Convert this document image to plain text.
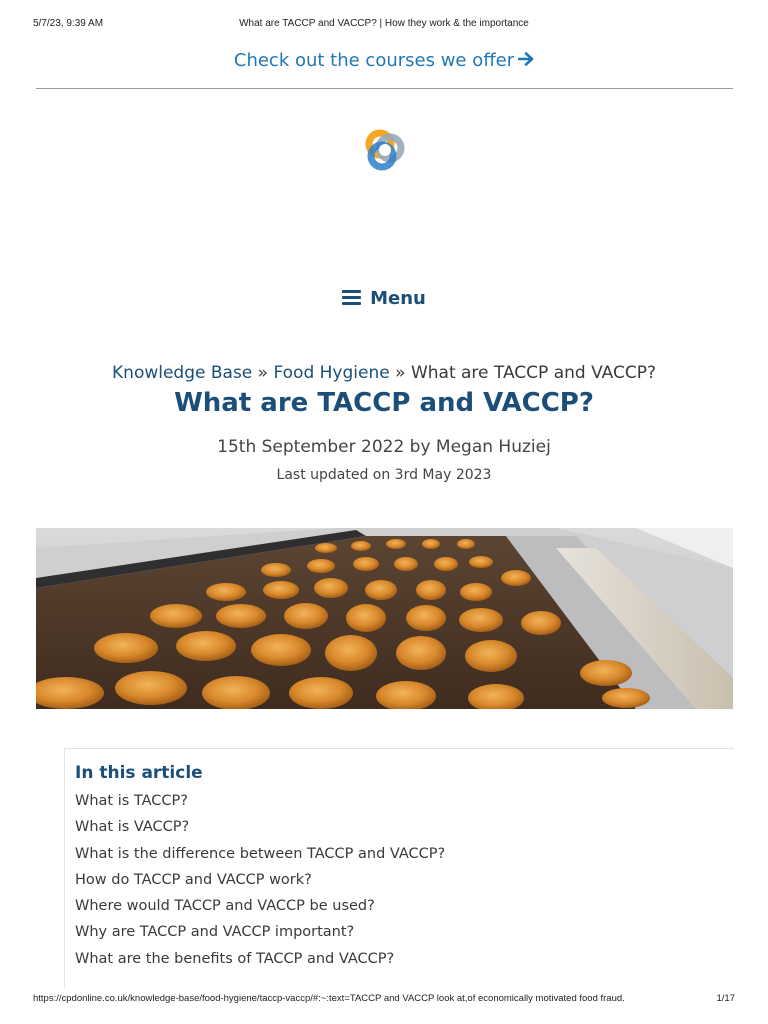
5/7/23, 9:39 AM	What are TACCP and VACCP? | How they work & the importance
Check out the courses we offer
Menu
Knowledge Base » Food Hygiene » What are TACCP and VACCP?
What are TACCP and VACCP?
15th September 2022 by Megan Huziej
Last updated on 3rd May 2023
In this article
What is TACCP?
What is VACCP?
What is the difference between TACCP and VACCP?
How do TACCP and VACCP work?
Where would TACCP and VACCP be used?
Why are TACCP and VACCP important?
What are the benefits of TACCP and VACCP?
https://cpdonline.co.uk/knowledge-base/food-hygiene/taccp-vaccp/#:~:text=TACCP and VACCP look at,of economically motivated food fraud.	1/17
